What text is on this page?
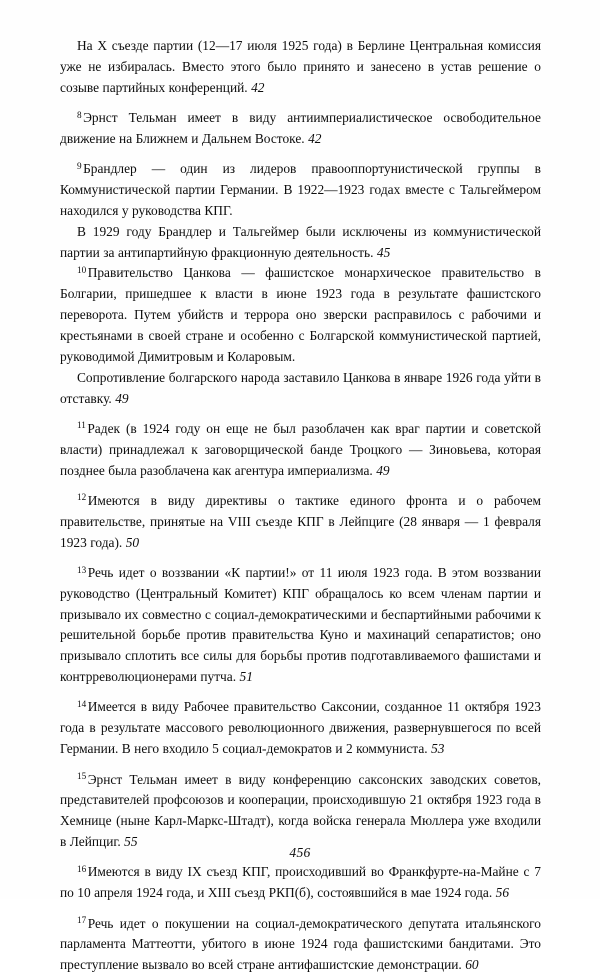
На X съезде партии (12—17 июля 1925 года) в Берлине Центральная комиссия уже не избиралась. Вместо этого было принято и занесено в устав решение о созыве партийных конференций. 42

$^8$ Эрнст Тельман имеет в виду антиимпериалистическое освободительное движение на Ближнем и Дальнем Востоке. 42

$^9$ Брандлер — один из лидеров правооппортунистической группы в Коммунистической партии Германии. В 1922—1923 годах вместе с Тальгеймером находился у руководства КПГ.

В 1929 году Брандлер и Тальгеймер были исключены из коммунистической партии за антипартийную фракционную деятельность. 45

$^{10}$ Правительство Цанкова — фашистское монархическое правительство в Болгарии, пришедшее к власти в июне 1923 года в результате фашистского переворота. Путем убийств и террора оно зверски расправилось с рабочими и крестьянами в своей стране и особенно с Болгарской коммунистической партией, руководимой Димитровым и Коларовым.

Сопротивление болгарского народа заставило Цанкова в январе 1926 года уйти в отставку. 49

$^{11}$ Радек (в 1924 году он еще не был разоблачен как враг партии и советской власти) принадлежал к заговорщической банде Троцкого — Зиновьева, которая позднее была разоблачена как агентура империализма. 49

$^{12}$ Имеются в виду директивы о тактике единого фронта и о рабочем правительстве, принятые на VIII съезде КПГ в Лейпциге (28 января — 1 февраля 1923 года). 50

$^{13}$ Речь идет о воззвании «К партии!» от 11 июля 1923 года. В этом воззвании руководство (Центральный Комитет) КПГ обращалось ко всем членам партии и призывало их совместно с социал-демократическими и беспартийными рабочими к решительной борьбе против правительства Куно и махинаций сепаратистов; оно призывало сплотить все силы для борьбы против подготавливаемого фашистами и контрреволюционерами путча. 51

$^{14}$ Имеется в виду Рабочее правительство Саксонии, созданное 11 октября 1923 года в результате массового революционного движения, развернувшегося по всей Германии. В него входило 5 социал-демократов и 2 коммуниста. 53

$^{15}$ Эрнст Тельман имеет в виду конференцию саксонских заводских советов, представителей профсоюзов и кооперации, происходившую 21 октября 1923 года в Хемнице (ныне Карл-Маркс-Штадт), когда войска генерала Мюллера уже входили в Лейпциг. 55

$^{16}$ Имеются в виду IX съезд КПГ, происходивший во Франкфурте-на-Майне с 7 по 10 апреля 1924 года, и XIII съезд РКП(б), состоявшийся в мае 1924 года. 56

$^{17}$ Речь идет о покушении на социал-демократического депутата итальянского парламента Маттеотти, убитого в июне 1924 года фашистскими бандитами. Это преступление вызвало во всей стране антифашистские демонстрации. 60

456
